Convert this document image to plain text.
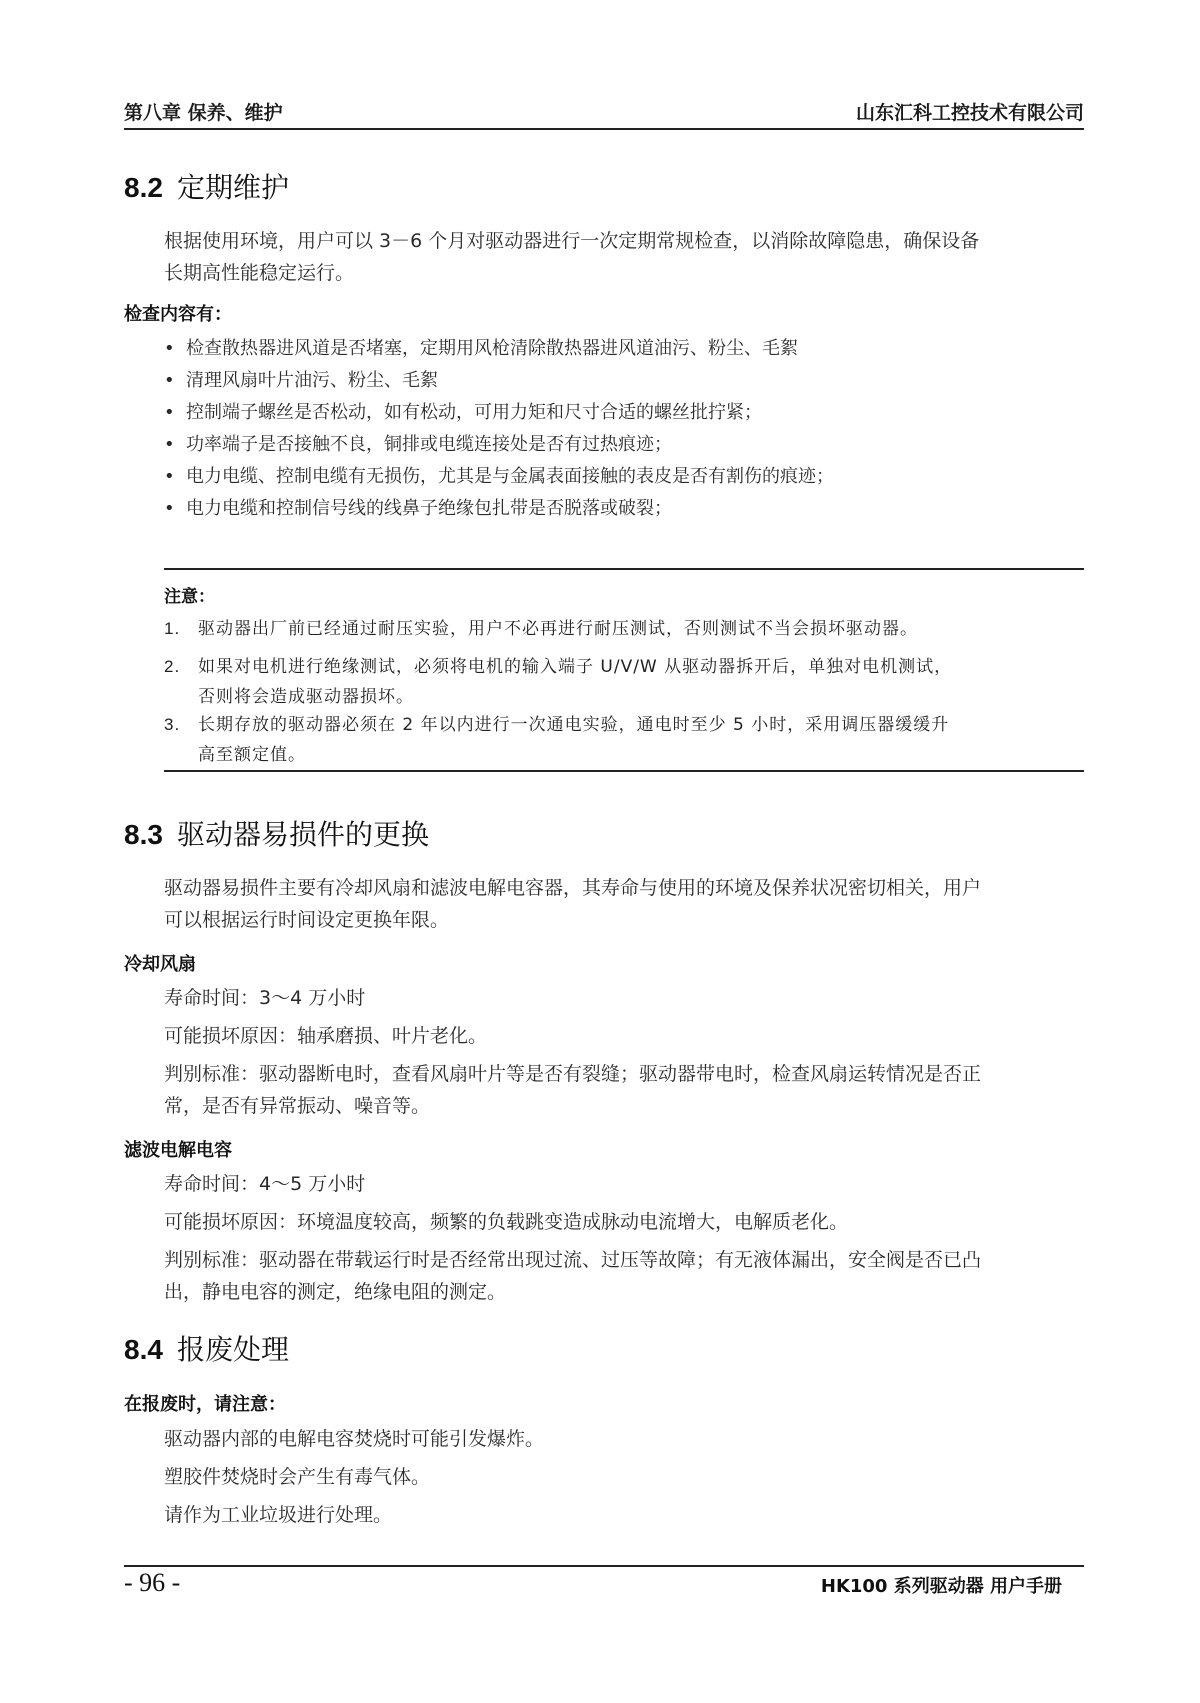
第八章 保养、维护	山东汇科工控技术有限公司
8.2 定期维护
根据使用环境，用户可以 3－6 个月对驱动器进行一次定期常规检查，以消除故障隐患，确保设备
长期高性能稳定运行。
检查内容有：
• 检查散热器进风道是否堵塞，定期用风枪清除散热器进风道油污、粉尘、毛絮
• 清理风扇叶片油污、粉尘、毛絮
• 控制端子螺丝是否松动，如有松动，可用力矩和尺寸合适的螺丝批拧紧；
• 功率端子是否接触不良，铜排或电缆连接处是否有过热痕迹；
• 电力电缆、控制电缆有无损伤，尤其是与金属表面接触的表皮是否有割伤的痕迹；
• 电力电缆和控制信号线的线鼻子绝缘包扎带是否脱落或破裂；
注意：
1.	驱动器出厂前已经通过耐压实验，用户不必再进行耐压测试，否则测试不当会损坏驱动器。
2.	如果对电机进行绝缘测试，必须将电机的输入端子 U/V/W 从驱动器拆开后，单独对电机测试，
否则将会造成驱动器损坏。
3.	长期存放的驱动器必须在 2 年以内进行一次通电实验，通电时至少 5 小时，采用调压器缓缓升
高至额定值。
8.3 驱动器易损件的更换
驱动器易损件主要有冷却风扇和滤波电解电容器，其寿命与使用的环境及保养状况密切相关，用户
可以根据运行时间设定更换年限。
冷却风扇
寿命时间：3～4 万小时
可能损坏原因：轴承磨损、叶片老化。
判别标准：驱动器断电时，查看风扇叶片等是否有裂缝；驱动器带电时，检查风扇运转情况是否正
常，是否有异常振动、噪音等。
滤波电解电容
寿命时间：4～5 万小时
可能损坏原因：环境温度较高，频繁的负载跳变造成脉动电流增大，电解质老化。
判别标准：驱动器在带载运行时是否经常出现过流、过压等故障；有无液体漏出，安全阀是否已凸
出，静电电容的测定，绝缘电阻的测定。
8.4 报废处理
在报废时，请注意：
驱动器内部的电解电容焚烧时可能引发爆炸。
塑胶件焚烧时会产生有毒气体。
请作为工业垃圾进行处理。
- 96 -	HK100 系列驱动器 用户手册
